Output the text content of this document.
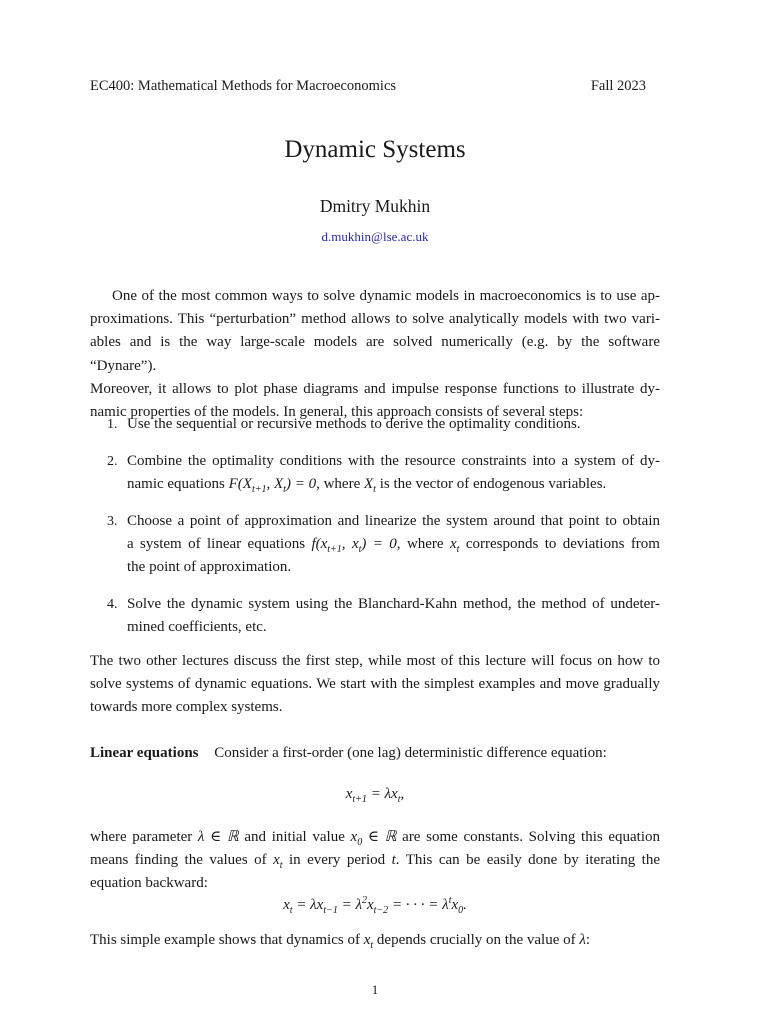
EC400: Mathematical Methods for Macroeconomics	Fall 2023
Dynamic Systems
Dmitry Mukhin
d.mukhin@lse.ac.uk
One of the most common ways to solve dynamic models in macroeconomics is to use ap-
proximations. This “perturbation” method allows to solve analytically models with two vari-
ables and is the way large-scale models are solved numerically (e.g. by the software “Dynare”).
Moreover, it allows to plot phase diagrams and impulse response functions to illustrate dy-
namic properties of the models. In general, this approach consists of several steps:
1. Use the sequential or recursive methods to derive the optimality conditions.
2. Combine the optimality conditions with the resource constraints into a system of dy-
namic equations $F(X_{t+1}$, $X_t) = 0$, where $X_t$ is the vector of endogenous variables.
3. Choose a point of approximation and linearize the system around that point to obtain
a system of linear equations $f(x_{t+1}$, $x_t) = 0$, where $x_t$ corresponds to deviations from
the point of approximation.
4. Solve the dynamic system using the Blanchard-Kahn method, the method of undeter-
mined coefficients, etc.
The two other lectures discuss the first step, while most of this lecture will focus on how to
solve systems of dynamic equations. We start with the simplest examples and move gradually
towards more complex systems.
Linear equations Consider a first-order (one lag) deterministic difference equation:
$x_{t+1} = \lambda x_t$,
where parameter λ ∈ ℝ and initial value $x_0$ ∈ ℝ are some constants. Solving this equation
means finding the values of $x_t$ in every period t. This can be easily done by iterating the
equation backward:
$x_t = \lambda x_{t-1} = \lambda^2x_{t-2}$ = · · · = $\lambda^tx_0$.
This simple example shows that dynamics of $x_t$ depends crucially on the value of λ:
1
